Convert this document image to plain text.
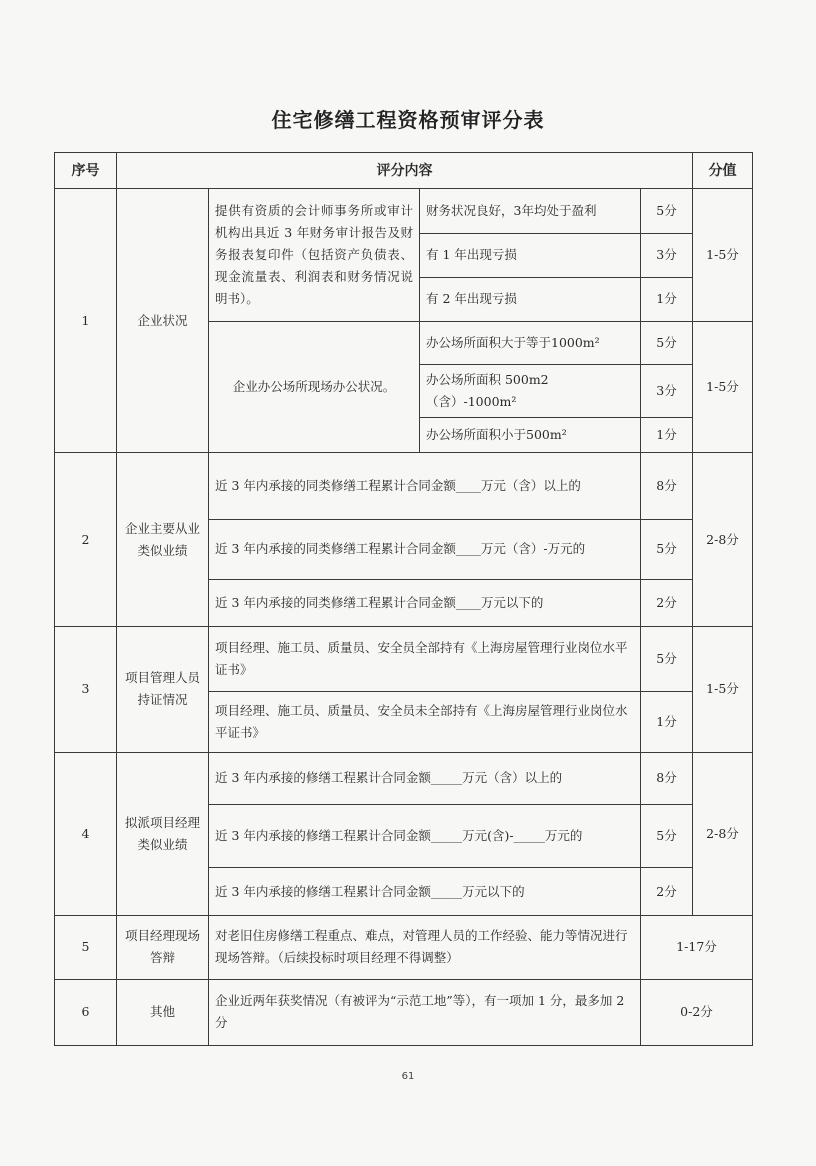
住宅修缮工程资格预审评分表
序号	评分内容				分值
1	企业状况	提供有资质的会计师事务所或审计机构出具近 3 年财务审计报告及财务报表复印件（包括资产负债表、现金流量表、利润表和财务情况说明书）。	财务状况良好，3年均处于盈利	5分	1-5分
			有 1 年出现亏损	3分	
			有 2 年出现亏损	1分	
		企业办公场所现场办公状况。	办公场所面积大于等于1000m²	5分	1-5分
			办公场所面积 500m2（含）-1000m²	3分	
			办公场所面积小于500m²	1分	
2	企业主要从业类似业绩	近 3 年内承接的同类修缮工程累计合同金额____万元（含）以上的		8分	2-8分
		近 3 年内承接的同类修缮工程累计合同金额____万元（含）-万元的		5分	
		近 3 年内承接的同类修缮工程累计合同金额____万元以下的		2分	
3	项目管理人员持证情况	项目经理、施工员、质量员、安全员全部持有《上海房屋管理行业岗位水平证书》		5分	1-5分
		项目经理、施工员、质量员、安全员未全部持有《上海房屋管理行业岗位水平证书》		1分	
4	拟派项目经理类似业绩	近 3 年内承接的修缮工程累计合同金额_____万元（含）以上的		8分	2-8分
		近 3 年内承接的修缮工程累计合同金额_____万元(含)-_____万元的		5分	
		近 3 年内承接的修缮工程累计合同金额_____万元以下的		2分	
5	项目经理现场答辩	对老旧住房修缮工程重点、难点，对管理人员的工作经验、能力等情况进行现场答辩。（后续投标时项目经理不得调整）		1-17分	
6	其他	企业近两年获奖情况（有被评为“示范工地”等），有一项加 1 分，最多加 2 分		0-2分	
61
